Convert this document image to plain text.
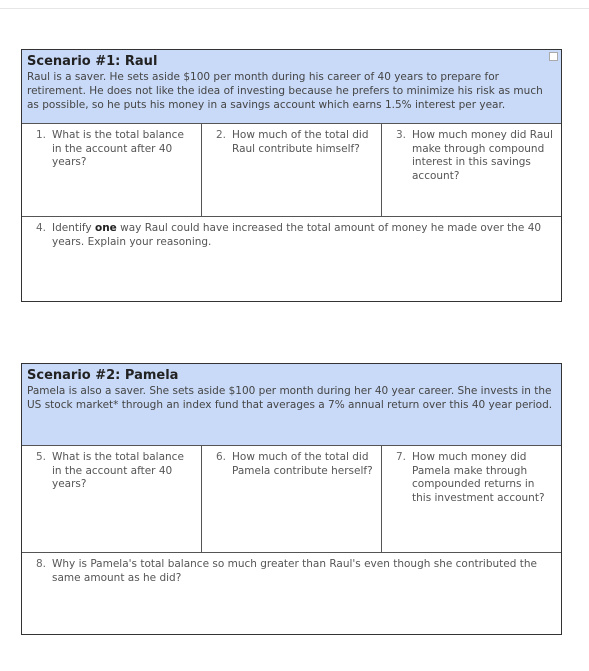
Scenario #1: Raul
Raul is a saver. He sets aside $100 per month during his career of 40 years to prepare for retirement. He does not like the idea of investing because he prefers to minimize his risk as much as possible, so he puts his money in a savings account which earns 1.5% interest per year.
1. What is the total balance in the account after 40 years?
2. How much of the total did Raul contribute himself?
3. How much money did Raul make through compound interest in this savings account?
4. Identify one way Raul could have increased the total amount of money he made over the 40 years. Explain your reasoning.
Scenario #2: Pamela
Pamela is also a saver. She sets aside $100 per month during her 40 year career. She invests in the US stock market* through an index fund that averages a 7% annual return over this 40 year period.
5. What is the total balance in the account after 40 years?
6. How much of the total did Pamela contribute herself?
7. How much money did Pamela make through compounded returns in this investment account?
8. Why is Pamela's total balance so much greater than Raul's even though she contributed the same amount as he did?
